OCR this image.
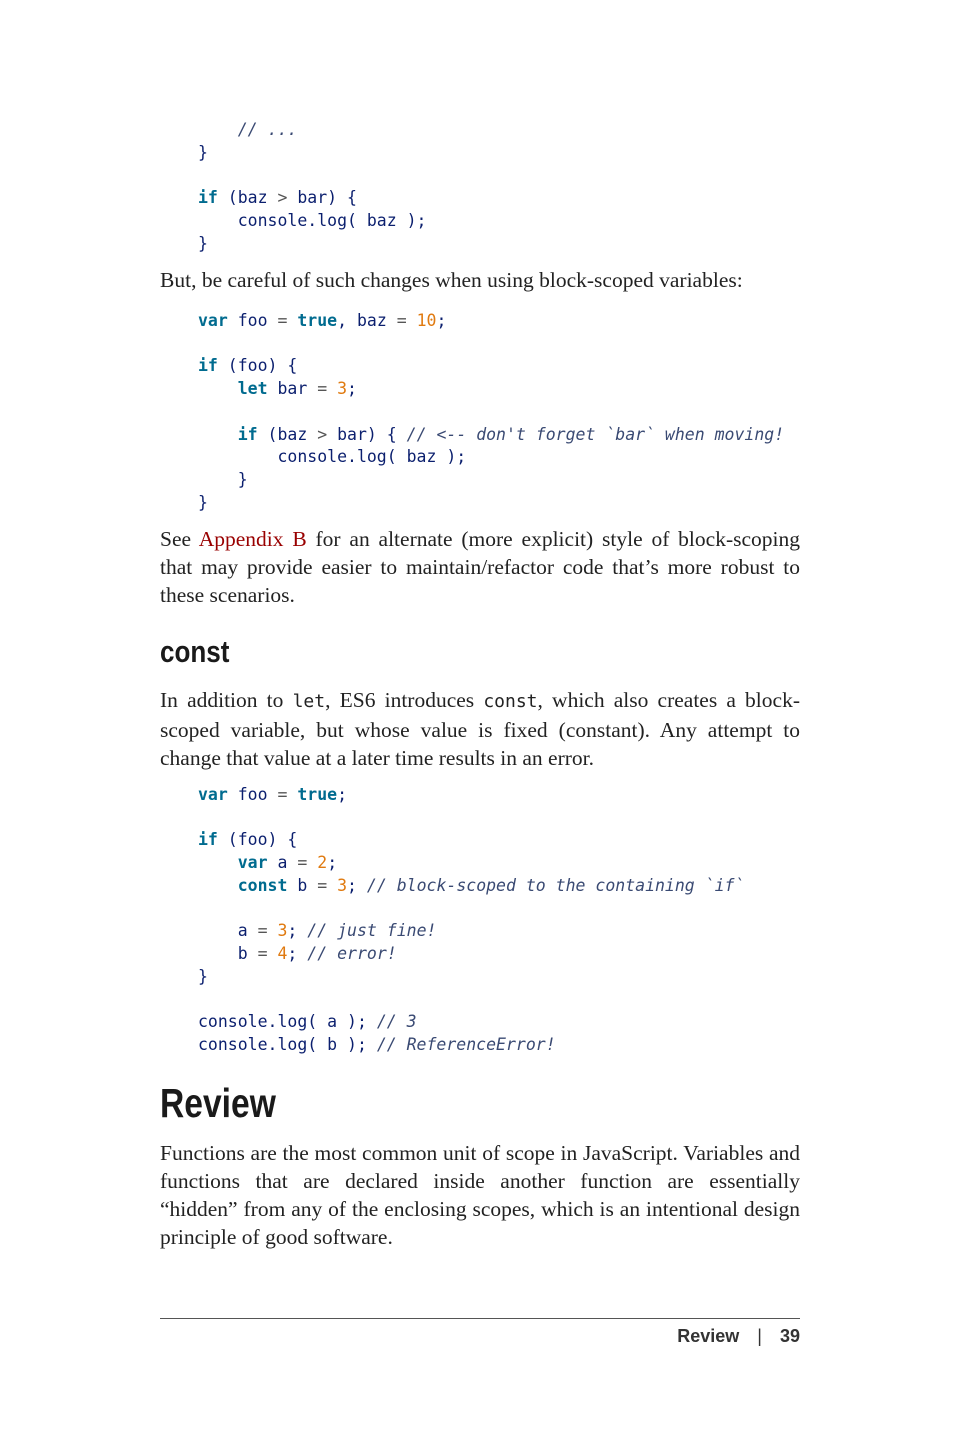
// ...
}

if (baz > bar) {
console.log( baz );
}

But, be careful of such changes when using block-scoped variables:

var foo = true, baz = 10;

if (foo) {
let bar = 3;

if (baz > bar) { // <-- don't forget `bar` when moving!
console.log( baz );
}
}

See Appendix B for an alternate (more explicit) style of block-scoping that may provide easier to maintain/refactor code that’s more robust to these scenarios.

const

In addition to let, ES6 introduces const, which also creates a block-scoped variable, but whose value is fixed (constant). Any attempt to change that value at a later time results in an error.

var foo = true;

if (foo) {
var a = 2;
const b = 3; // block-scoped to the containing `if`

a = 3; // just fine!
b = 4; // error!
}

console.log( a ); // 3
console.log( b ); // ReferenceError!
Review

Functions are the most common unit of scope in JavaScript. Variables and functions that are declared inside another function are essentially “hidden” from any of the enclosing scopes, which is an intentional design principle of good software.

Review | 39
